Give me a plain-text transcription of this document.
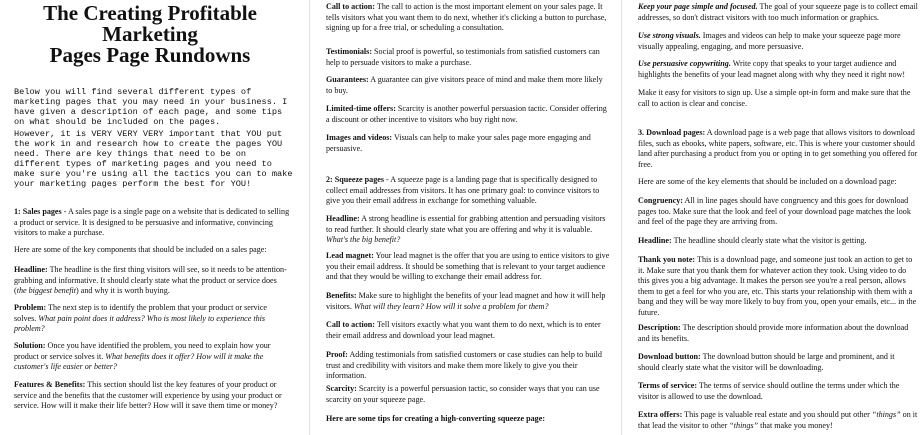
The Creating Profitable
Marketing
Pages Page Rundowns
Below you will find several different types of
marketing pages that you may need in your business. I
have given a description of each page, and some tips
on what should be included on the pages.
However, it is VERY VERY VERY important that YOU put
the work in and research how to create the pages YOU
need. There are key things that need to be on
different types of marketing pages and you need to
make sure you're using all the tactics you can to make
your marketing pages perform the best for YOU!

1: Sales pages - A sales page is a single page on a website that is dedicated to selling a product or service. It is designed to be persuasive and informative, convincing visitors to make a purchase.

Here are some of the key components that should be included on a sales page:

Headline: The headline is the first thing visitors will see, so it needs to be attention-grabbing and informative. It should clearly state what the product or service does (the biggest benefit) and why it is worth buying.

Problem: The next step is to identify the problem that your product or service solves. What pain point does it address? Who is most likely to experience this problem?

Solution: Once you have identified the problem, you need to explain how your product or service solves it. What benefits does it offer? How will it make the customer's life easier or better?

Features & Benefits: This section should list the key features of your product or service and the benefits that the customer will experience by using your product or service. How will it make their life better? How will it save them time or money?

Call to action: The call to action is the most important element on your sales page. It tells visitors what you want them to do next, whether it's clicking a button to purchase, signing up for a free trial, or scheduling a consultation.

Testimonials: Social proof is powerful, so testimonials from satisfied customers can help to persuade visitors to make a purchase.

Guarantees: A guarantee can give visitors peace of mind and make them more likely to buy.

Limited-time offers: Scarcity is another powerful persuasion tactic. Consider offering a discount or other incentive to visitors who buy right now.

Images and videos: Visuals can help to make your sales page more engaging and persuasive.

2: Squeeze pages - A squeeze page is a landing page that is specifically designed to collect email addresses from visitors. It has one primary goal: to convince visitors to give you their email address in exchange for something valuable.

Headline: A strong headline is essential for grabbing attention and persuading visitors to read further. It should clearly state what you are offering and why it is valuable. What's the big benefit?

Lead magnet: Your lead magnet is the offer that you are using to entice visitors to give you their email address. It should be something that is relevant to your target audience and that they would be willing to exchange their email address for.

Benefits: Make sure to highlight the benefits of your lead magnet and how it will help visitors. What will they learn? How will it solve a problem for them?

Call to action: Tell visitors exactly what you want them to do next, which is to enter their email address and download your lead magnet.

Proof: Adding testimonials from satisfied customers or case studies can help to build trust and credibility with visitors and make them more likely to give you their information.

Scarcity: Scarcity is a powerful persuasion tactic, so consider ways that you can use scarcity on your squeeze page.

Here are some tips for creating a high-converting squeeze page:

Keep your page simple and focused. The goal of your squeeze page is to collect email addresses, so don't distract visitors with too much information or graphics.

Use strong visuals. Images and videos can help to make your squeeze page more visually appealing, engaging, and more persuasive.

Use persuasive copywriting. Write copy that speaks to your target audience and highlights the benefits of your lead magnet along with why they need it right now!

Make it easy for visitors to sign up. Use a simple opt-in form and make sure that the call to action is clear and concise.

3. Download pages: A download page is a web page that allows visitors to download files, such as ebooks, white papers, software, etc. This is where your customer should land after purchasing a product from you or opting in to get something you offered for free.

Here are some of the key elements that should be included on a download page:

Congruency: All in line pages should have congruency and this goes for download pages too. Make sure that the look and feel of your download page matches the look and feel of the page they are arriving from.

Headline: The headline should clearly state what the visitor is getting.

Thank you note: This is a download page, and someone just took an action to get to it. Make sure that you thank them for whatever action they took. Using video to do this gives you a big advantage. It makes the person see you're a real person, allows them to get a feel for who you are, etc. This starts your relationship with them with a bang and they will be way more likely to buy from you, open your emails, etc... in the future.

Description: The description should provide more information about the download and its benefits.

Download button: The download button should be large and prominent, and it should clearly state what the visitor will be downloading.

Terms of service: The terms of service should outline the terms under which the visitor is allowed to use the download.

Extra offers: This page is valuable real estate and you should put other “things” on it that lead the visitor to other “things” that make you money!
